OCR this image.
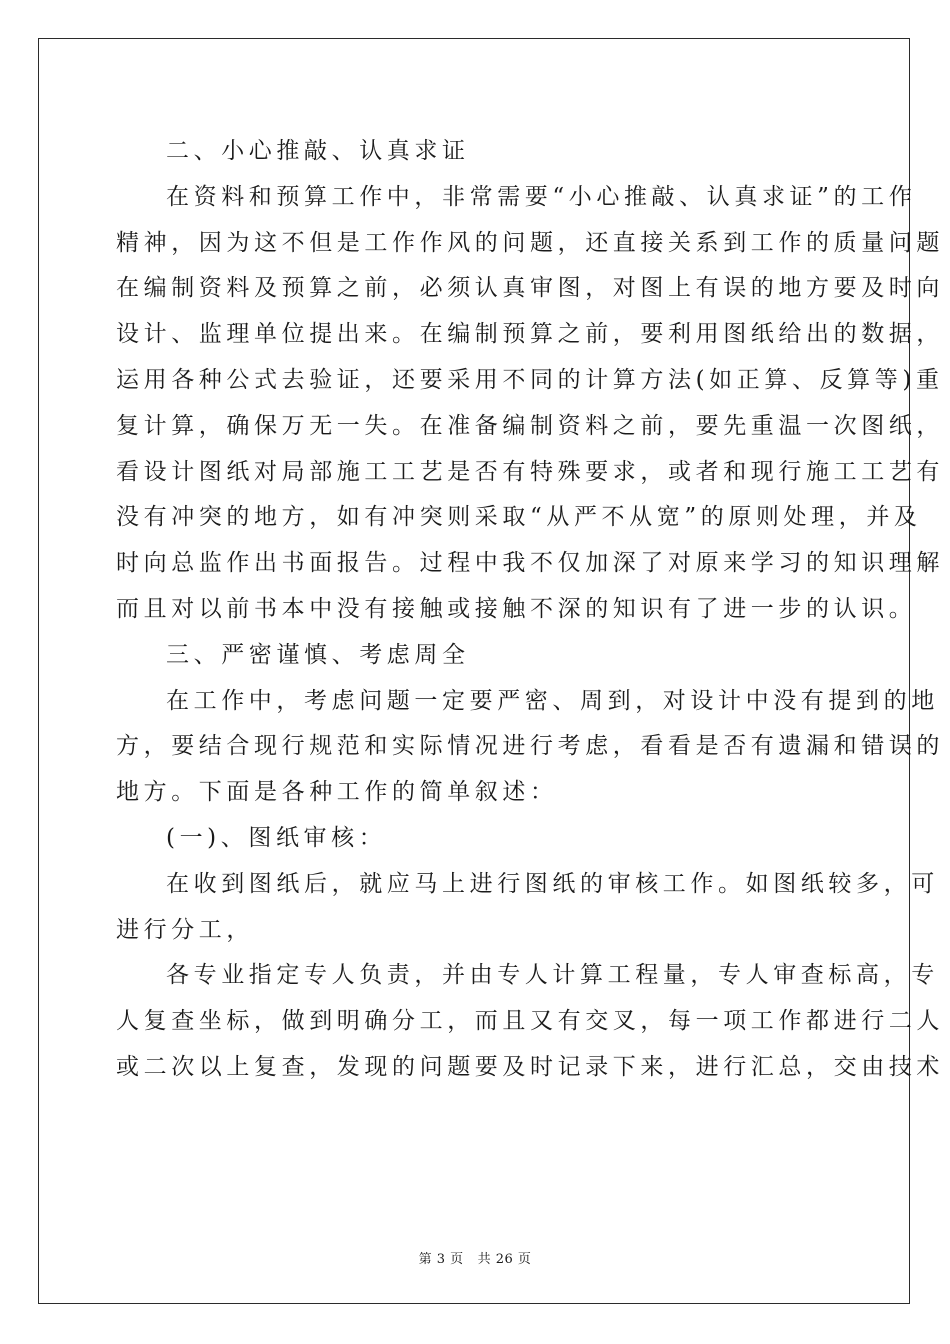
二、小心推敲、认真求证
在资料和预算工作中，非常需要“小心推敲、认真求证”的工作
精神，因为这不但是工作作风的问题，还直接关系到工作的质量问题
在编制资料及预算之前，必须认真审图，对图上有误的地方要及时向
设计、监理单位提出来。在编制预算之前，要利用图纸给出的数据，
运用各种公式去验证，还要采用不同的计算方法(如正算、反算等)重
复计算，确保万无一失。在准备编制资料之前，要先重温一次图纸，
看设计图纸对局部施工工艺是否有特殊要求，或者和现行施工工艺有
没有冲突的地方，如有冲突则采取“从严不从宽”的原则处理，并及
时向总监作出书面报告。过程中我不仅加深了对原来学习的知识理解
而且对以前书本中没有接触或接触不深的知识有了进一步的认识。
三、严密谨慎、考虑周全
在工作中，考虑问题一定要严密、周到，对设计中没有提到的地
方，要结合现行规范和实际情况进行考虑，看看是否有遗漏和错误的
地方。下面是各种工作的简单叙述：
(一)、图纸审核：
在收到图纸后，就应马上进行图纸的审核工作。如图纸较多，可
进行分工，
各专业指定专人负责，并由专人计算工程量，专人审查标高，专
人复查坐标，做到明确分工，而且又有交叉，每一项工作都进行二人
或二次以上复查，发现的问题要及时记录下来，进行汇总，交由技术
第 3 页 共 26 页
